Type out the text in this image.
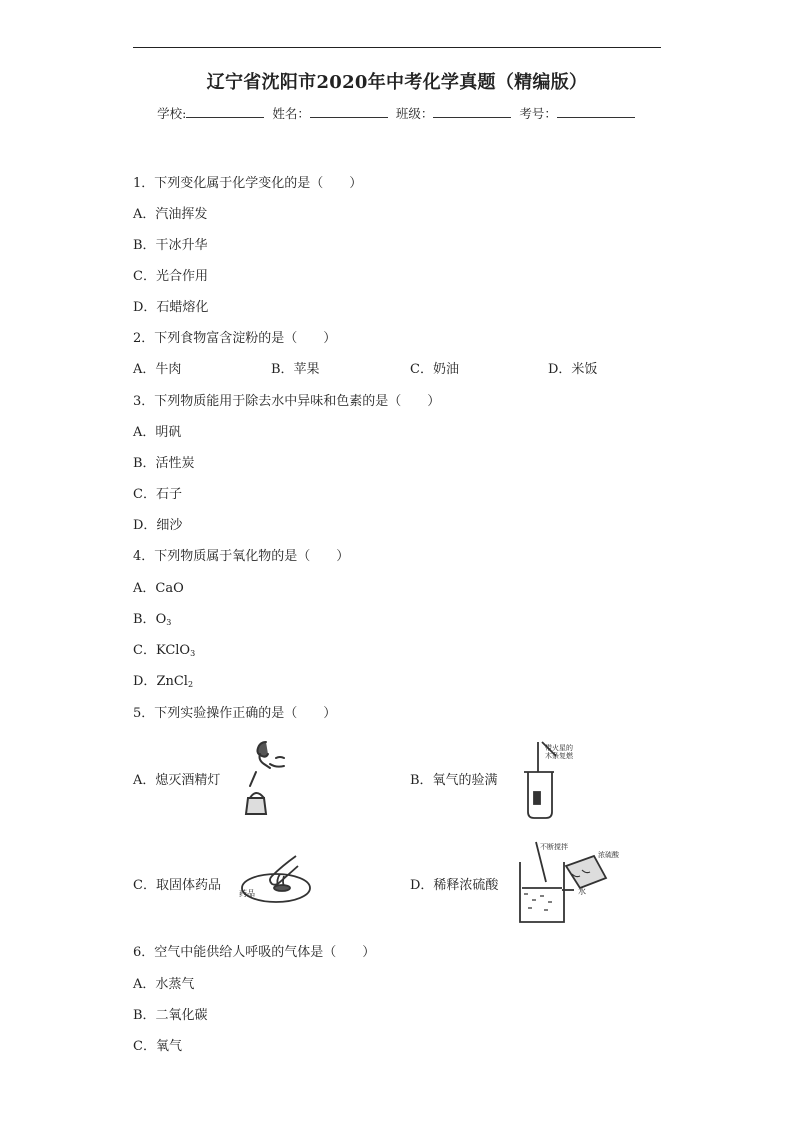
辽宁省沈阳市2020年中考化学真题（精编版）
学校:	姓名：	班级：	考号：
1．下列变化属于化学变化的是（　　）
A．汽油挥发
B．干冰升华
C．光合作用
D．石蜡熔化
2．下列食物富含淀粉的是（　　）
A．牛肉	B．苹果	C．奶油	D．米饭
3．下列物质能用于除去水中异味和色素的是（　　）
A．明矾
B．活性炭
C．石子
D．细沙
4．下列物质属于氧化物的是（　　）
A．CaO
B．$O_3$
C．KClO$_3$
D．ZnCl$_2$
5．下列实验操作正确的是（　　）
A．熄灭酒精灯	B．氧气的验满
带火星的木条复燃
C．取固体药品
药品
D．稀释浓硫酸
不断搅拌
浓硫酸
水
6．空气中能供给人呼吸的气体是（　　）
A．水蒸气
B．二氧化碳
C．氧气
